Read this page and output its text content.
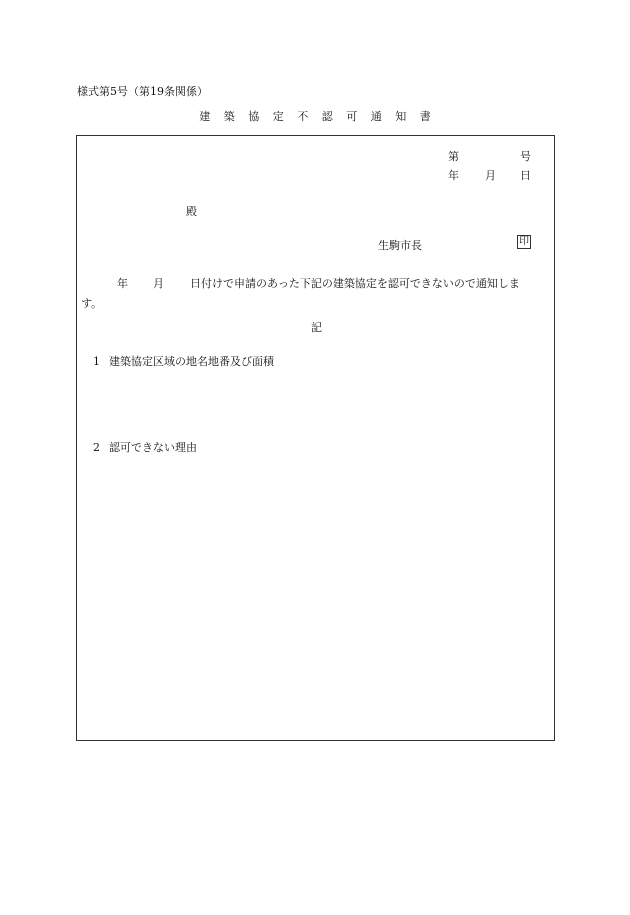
様式第5号（第19条関係）
建 築 協 定 不 認 可 通 知 書
第	号
年 月 日
殿
生駒市長	印
年 月 日付けで申請のあった下記の建築協定を認可できないので通知しま
す。
記
1 建築協定区域の地名地番及び面積
2 認可できない理由
